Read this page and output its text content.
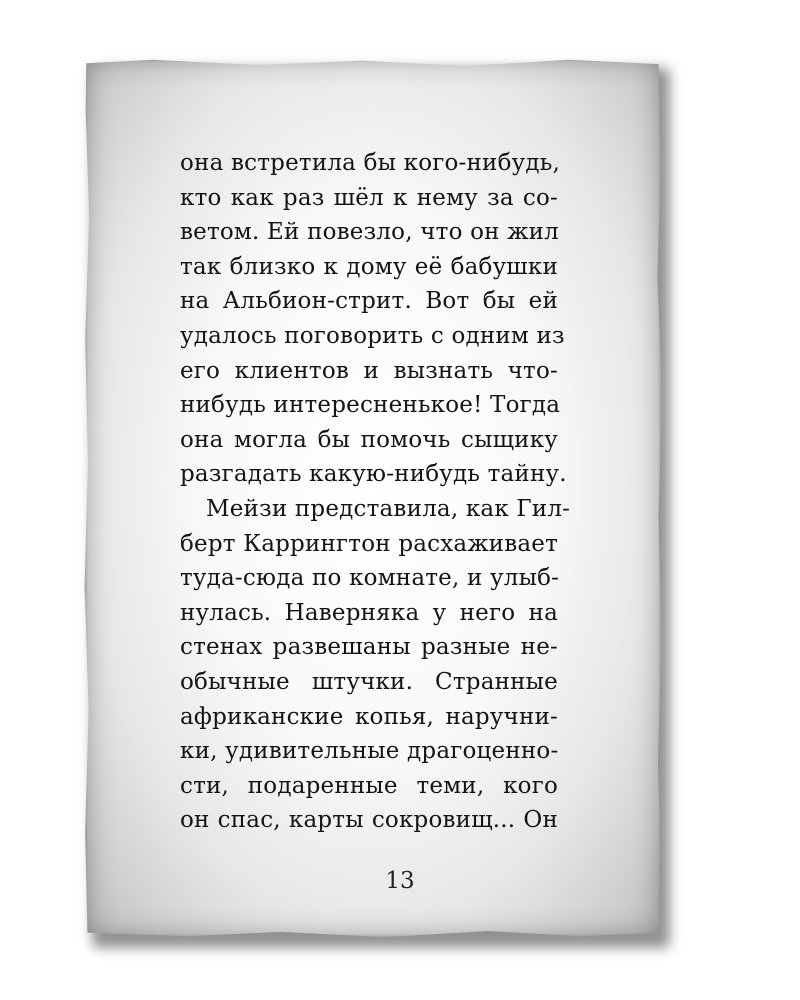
она встретила бы кого-нибудь,
кто как раз шёл к нему за со-
ветом. Ей повезло, что он жил
так близко к дому её бабушки
на Альбион-стрит. Вот бы ей
удалось поговорить с одним из
его клиентов и вызнать что-
нибудь интересненькое! Тогда
она могла бы помочь сыщику
разгадать какую-нибудь тайну.
Мейзи представила, как Гил-
берт Каррингтон расхаживает
туда-сюда по комнате, и улыб-
нулась. Наверняка у него на
стенах развешаны разные не-
обычные штучки. Странные
африканские копья, наручни-
ки, удивительные драгоценно-
сти, подаренные теми, кого
он спас, карты сокровищ... Он
13
